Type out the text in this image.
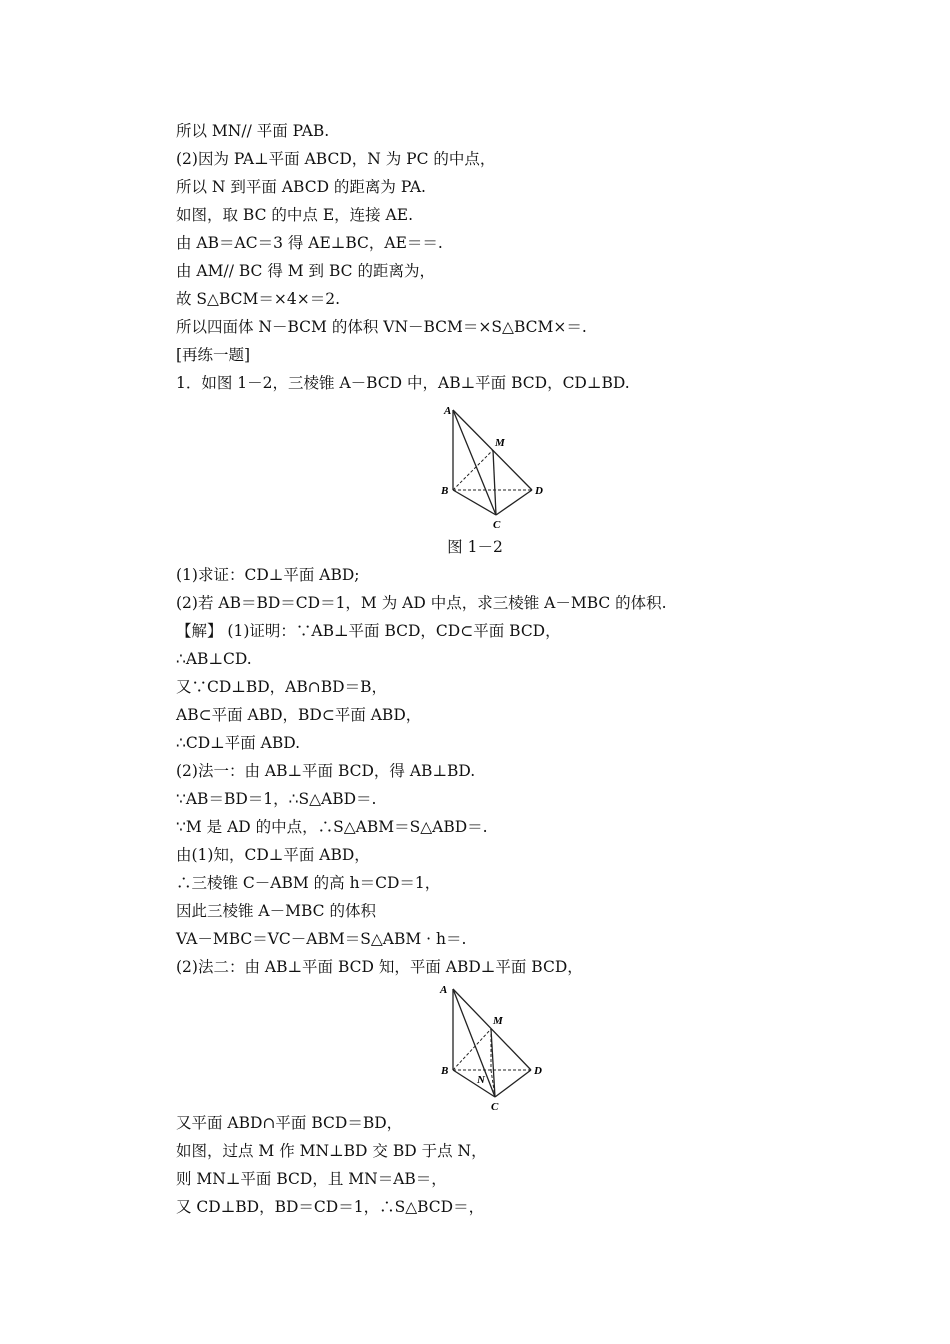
所以 MN// 平面 PAB.
(2)因为 PA⊥平面 ABCD，N 为 PC 的中点，
所以 N 到平面 ABCD 的距离为 PA.
如图，取 BC 的中点 E，连接 AE.
由 AB＝AC＝3 得 AE⊥BC，AE＝＝.
由 AM// BC 得 M 到 BC 的距离为，
故 S△BCM＝×4×＝2.
所以四面体 N－BCM 的体积 VN－BCM＝×S△BCM×＝.
[再练一题]
1．如图 1－2，三棱锥 A－BCD 中，AB⊥平面 BCD，CD⊥BD.
A
M
B	D
C
图 1－2
(1)求证：CD⊥平面 ABD;
(2)若 AB＝BD＝CD＝1，M 为 AD 中点，求三棱锥 A－MBC 的体积.
【解】 (1)证明：∵AB⊥平面 BCD，CD⊂平面 BCD，
∴AB⊥CD.
又∵CD⊥BD，AB∩BD＝B，
AB⊂平面 ABD，BD⊂平面 ABD，
∴CD⊥平面 ABD.
(2)法一：由 AB⊥平面 BCD，得 AB⊥BD.
∵AB＝BD＝1，∴S△ABD＝.
∵M 是 AD 的中点，∴S△ABM＝S△ABD＝.
由(1)知，CD⊥平面 ABD，
∴三棱锥 C－ABM 的高 h＝CD＝1，
因此三棱锥 A－MBC 的体积
VA－MBC＝VC－ABM＝S△ABM · h＝.
(2)法二：由 AB⊥平面 BCD 知，平面 ABD⊥平面 BCD，
A
M
B
N
D
C
又平面 ABD∩平面 BCD＝BD，
如图，过点 M 作 MN⊥BD 交 BD 于点 N，
则 MN⊥平面 BCD，且 MN＝AB＝，
又 CD⊥BD，BD＝CD＝1，∴S△BCD＝，
